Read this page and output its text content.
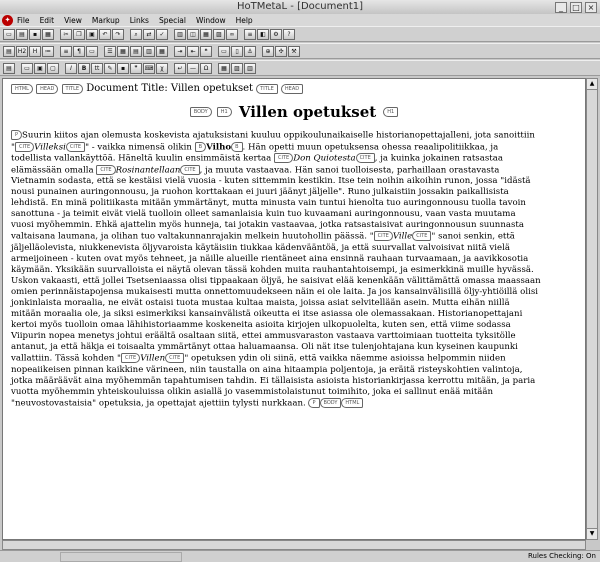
HoTMetaL - [Document1]	_	□ ×
✦ File Edit View Markup Links Special Window Help
▭	▤	▪	▦	✂	❐	▣	↶	↷	⌕	⇄	✓	▥	◫	▦	▨	∞	≡	◧	⚙	?
▤	H2	H	≔	≡	¶	▭	☰	▦	▤	▥	▦	⇥	⇤	❝	▭	▯	⚓	⊕	✣	⚒
▤	▭	▣	▢	I	B	tt	✎	▪	❞	⌨	χ	↵	—	Ω	▦	▨	▥
HTML HEAD TITLE Document Title: Villen opetukset TITLE HEAD
BODY	H1 Villen opetukset H1
P Suurin kiitos ajan olemusta koskevista ajatuksistani kuuluu oppikoulunaikaiselle historianopettajalleni, jota sanoittiin " CITE Villeksi CITE " - vaikka nimensä olikin B Vilho B . Hän opetti muun opetuksensa ohessa reaalipolitiikkaa, ja todellista vallankäyttöä. Häneltä kuulin ensimmäistä kertaa CITE Don Quiotesta CITE , ja kuinka jokainen ratsastaa elämässään omalla CITE Rosinantellaan CITE , ja muuta vastaavaa. Hän sanoi tuolloisesta, parhaillaan orastavasta Vietnamin sodasta, että se kestäisi vielä vuosia - kuten sittemmin kestikin. Itse tein noihin aikoihin runon, jossa "idästä nousi punainen auringonnousu, ja ruohon korttakaan ei juuri jäänyt jäljelle". Runo julkaistiin jossakin paikallisista lehdistä. En minä politiikasta mitään ymmärtänyt, mutta minusta vain tuntui hienolta tuo auringonnousu tuolla tavoin sanottuna - ja teimit eivät vielä tuolloin olleet samanlaisia kuin tuo kuvaamani auringonnousu, vaan vasta muutama vuosi myöhemmin. Ehkä ajattelin myös hunneja, tai jotakin vastaavaa, jotka ratsastaisivat auringonnousun suunnasta valtaisana laumana, ja olihan tuo valtakunnanrajakin melkein huutohollin päässä. " CITE Ville CITE " sanoi senkin, että jäljelläolevista, niukkenevista öljyvaroista käytäisiin tiukkaa kädenvääntöä, ja että suurvallat valvoisivat niitä vielä armeijoineen - kuten ovat myös tehneet, ja näille alueille rientäneet aina ensinnä rauhaan turvaamaan, ja aavikkosotia käymään. Yksikään suurvalloista ei näytä olevan tässä kohden muita rauhantahtoisempi, ja esimerkkinä muille hyvässä. Uskon vakaasti, että jollei Tsetseniaassa olisi tippaakaan öljyä, he saisivat elää kenenkään välittämättä omassa maassaan omien perinnäistapojensa mukaisesti mutta onnettomuudekseen näin ei ole laita. Ja jos kansainvälisillä öljy-yhtiöillä olisi jonkinlaista moraalia, ne eivät ostaisi tuota mustaa kultaa maista, joissa asiat selvitellään asein. Mutta eihän niillä mitään moraalia ole, ja siksi esimerkiksi kansainvälistä oikeutta ei itse asiassa ole olemassakaan. Historianopettajani kertoi myös tuolloin omaa lähihistoriaamme koskeneita asioita kirjojen ulkopuolelta, kuten sen, että viime sodassa Viipurin nopea menetys johtui eräältä osaltaan siitä, ettei ammusvaraston vastaava varttoimiaan tuotteita tyksitölle antanut, ja että häkja ei toisaalta ymmärtänyt ottaa haluamaansa. Oli nät itse tulenjohtajana kun kyseinen kaupunki vallattiin. Tässä kohden " CITE Villen CITE " opetuksen ydin oli siinä, että vaikka näemme asioissa helpommin niiden nopeaiikeisen pinnan kaikkine värineen, niin taustalla on aina hitaampia poljentoja, ja eräitä risteyskohtien valintoja, jotka määräävät aina myöhemmän tapahtumisen tahdin. Ei tällaisista asioista historiankirjassa kerrottu mitään, ja paria vuotta myöhemmin yhteiskouluissa olikin asiallä jo vasemmistolaistunut toimihito, joka ei sallinut enää mitään "neuvostovastaisia" opetuksia, ja opettajat ajettiin tylysti nurkkaan. P BODY HTML
▲
▼
Rules Checking: On
